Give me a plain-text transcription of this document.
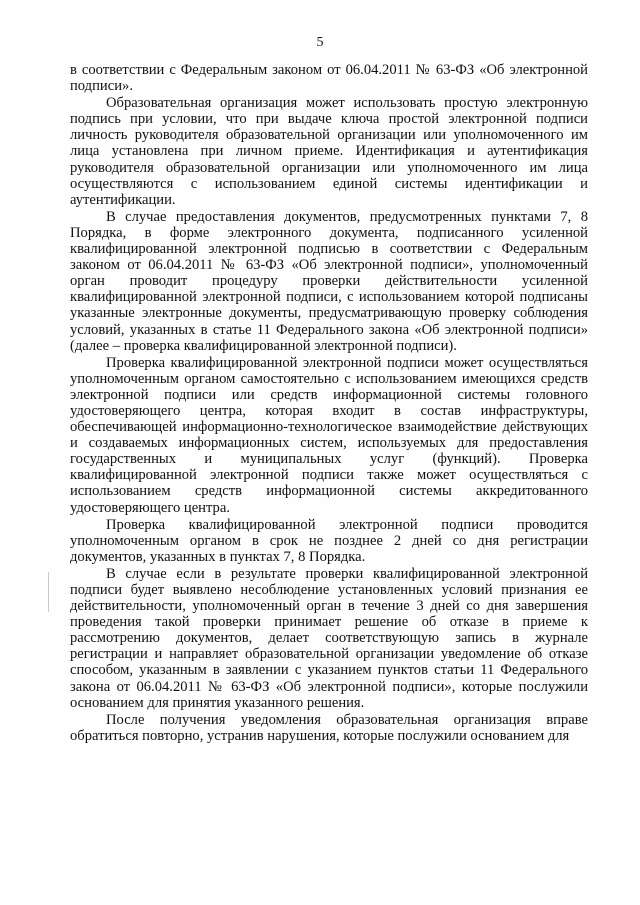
5

в соответствии с Федеральным законом от 06.04.2011 № 63-ФЗ «Об электронной подписи».

Образовательная организация может использовать простую электронную подпись при условии, что при выдаче ключа простой электронной подписи личность руководителя образовательной организации или уполномоченного им лица установлена при личном приеме. Идентификация и аутентификация руководителя образовательной организации или уполномоченного им лица осуществляются с использованием единой системы идентификации и аутентификации.

В случае предоставления документов, предусмотренных пунктами 7, 8 Порядка, в форме электронного документа, подписанного усиленной квалифицированной электронной подписью в соответствии с Федеральным законом от 06.04.2011 № 63-ФЗ «Об электронной подписи», уполномоченный орган проводит процедуру проверки действительности усиленной квалифицированной электронной подписи, с использованием которой подписаны указанные электронные документы, предусматривающую проверку соблюдения условий, указанных в статье 11 Федерального закона «Об электронной подписи» (далее – проверка квалифицированной электронной подписи).

Проверка квалифицированной электронной подписи может осуществляться уполномоченным органом самостоятельно с использованием имеющихся средств электронной подписи или средств информационной системы головного удостоверяющего центра, которая входит в состав инфраструктуры, обеспечивающей информационно-технологическое взаимодействие действующих и создаваемых информационных систем, используемых для предоставления государственных и муниципальных услуг (функций). Проверка квалифицированной электронной подписи также может осуществляться с использованием средств информационной системы аккредитованного удостоверяющего центра.

Проверка квалифицированной электронной подписи проводится уполномоченным органом в срок не позднее 2 дней со дня регистрации документов, указанных в пунктах 7, 8 Порядка.

В случае если в результате проверки квалифицированной электронной подписи будет выявлено несоблюдение установленных условий признания ее действительности, уполномоченный орган в течение 3 дней со дня завершения проведения такой проверки принимает решение об отказе в приеме к рассмотрению документов, делает соответствующую запись в журнале регистрации и направляет образовательной организации уведомление об отказе способом, указанным в заявлении с указанием пунктов статьи 11 Федерального закона от 06.04.2011 № 63-ФЗ «Об электронной подписи», которые послужили основанием для принятия указанного решения.

После получения уведомления образовательная организация вправе обратиться повторно, устранив нарушения, которые послужили основанием для
